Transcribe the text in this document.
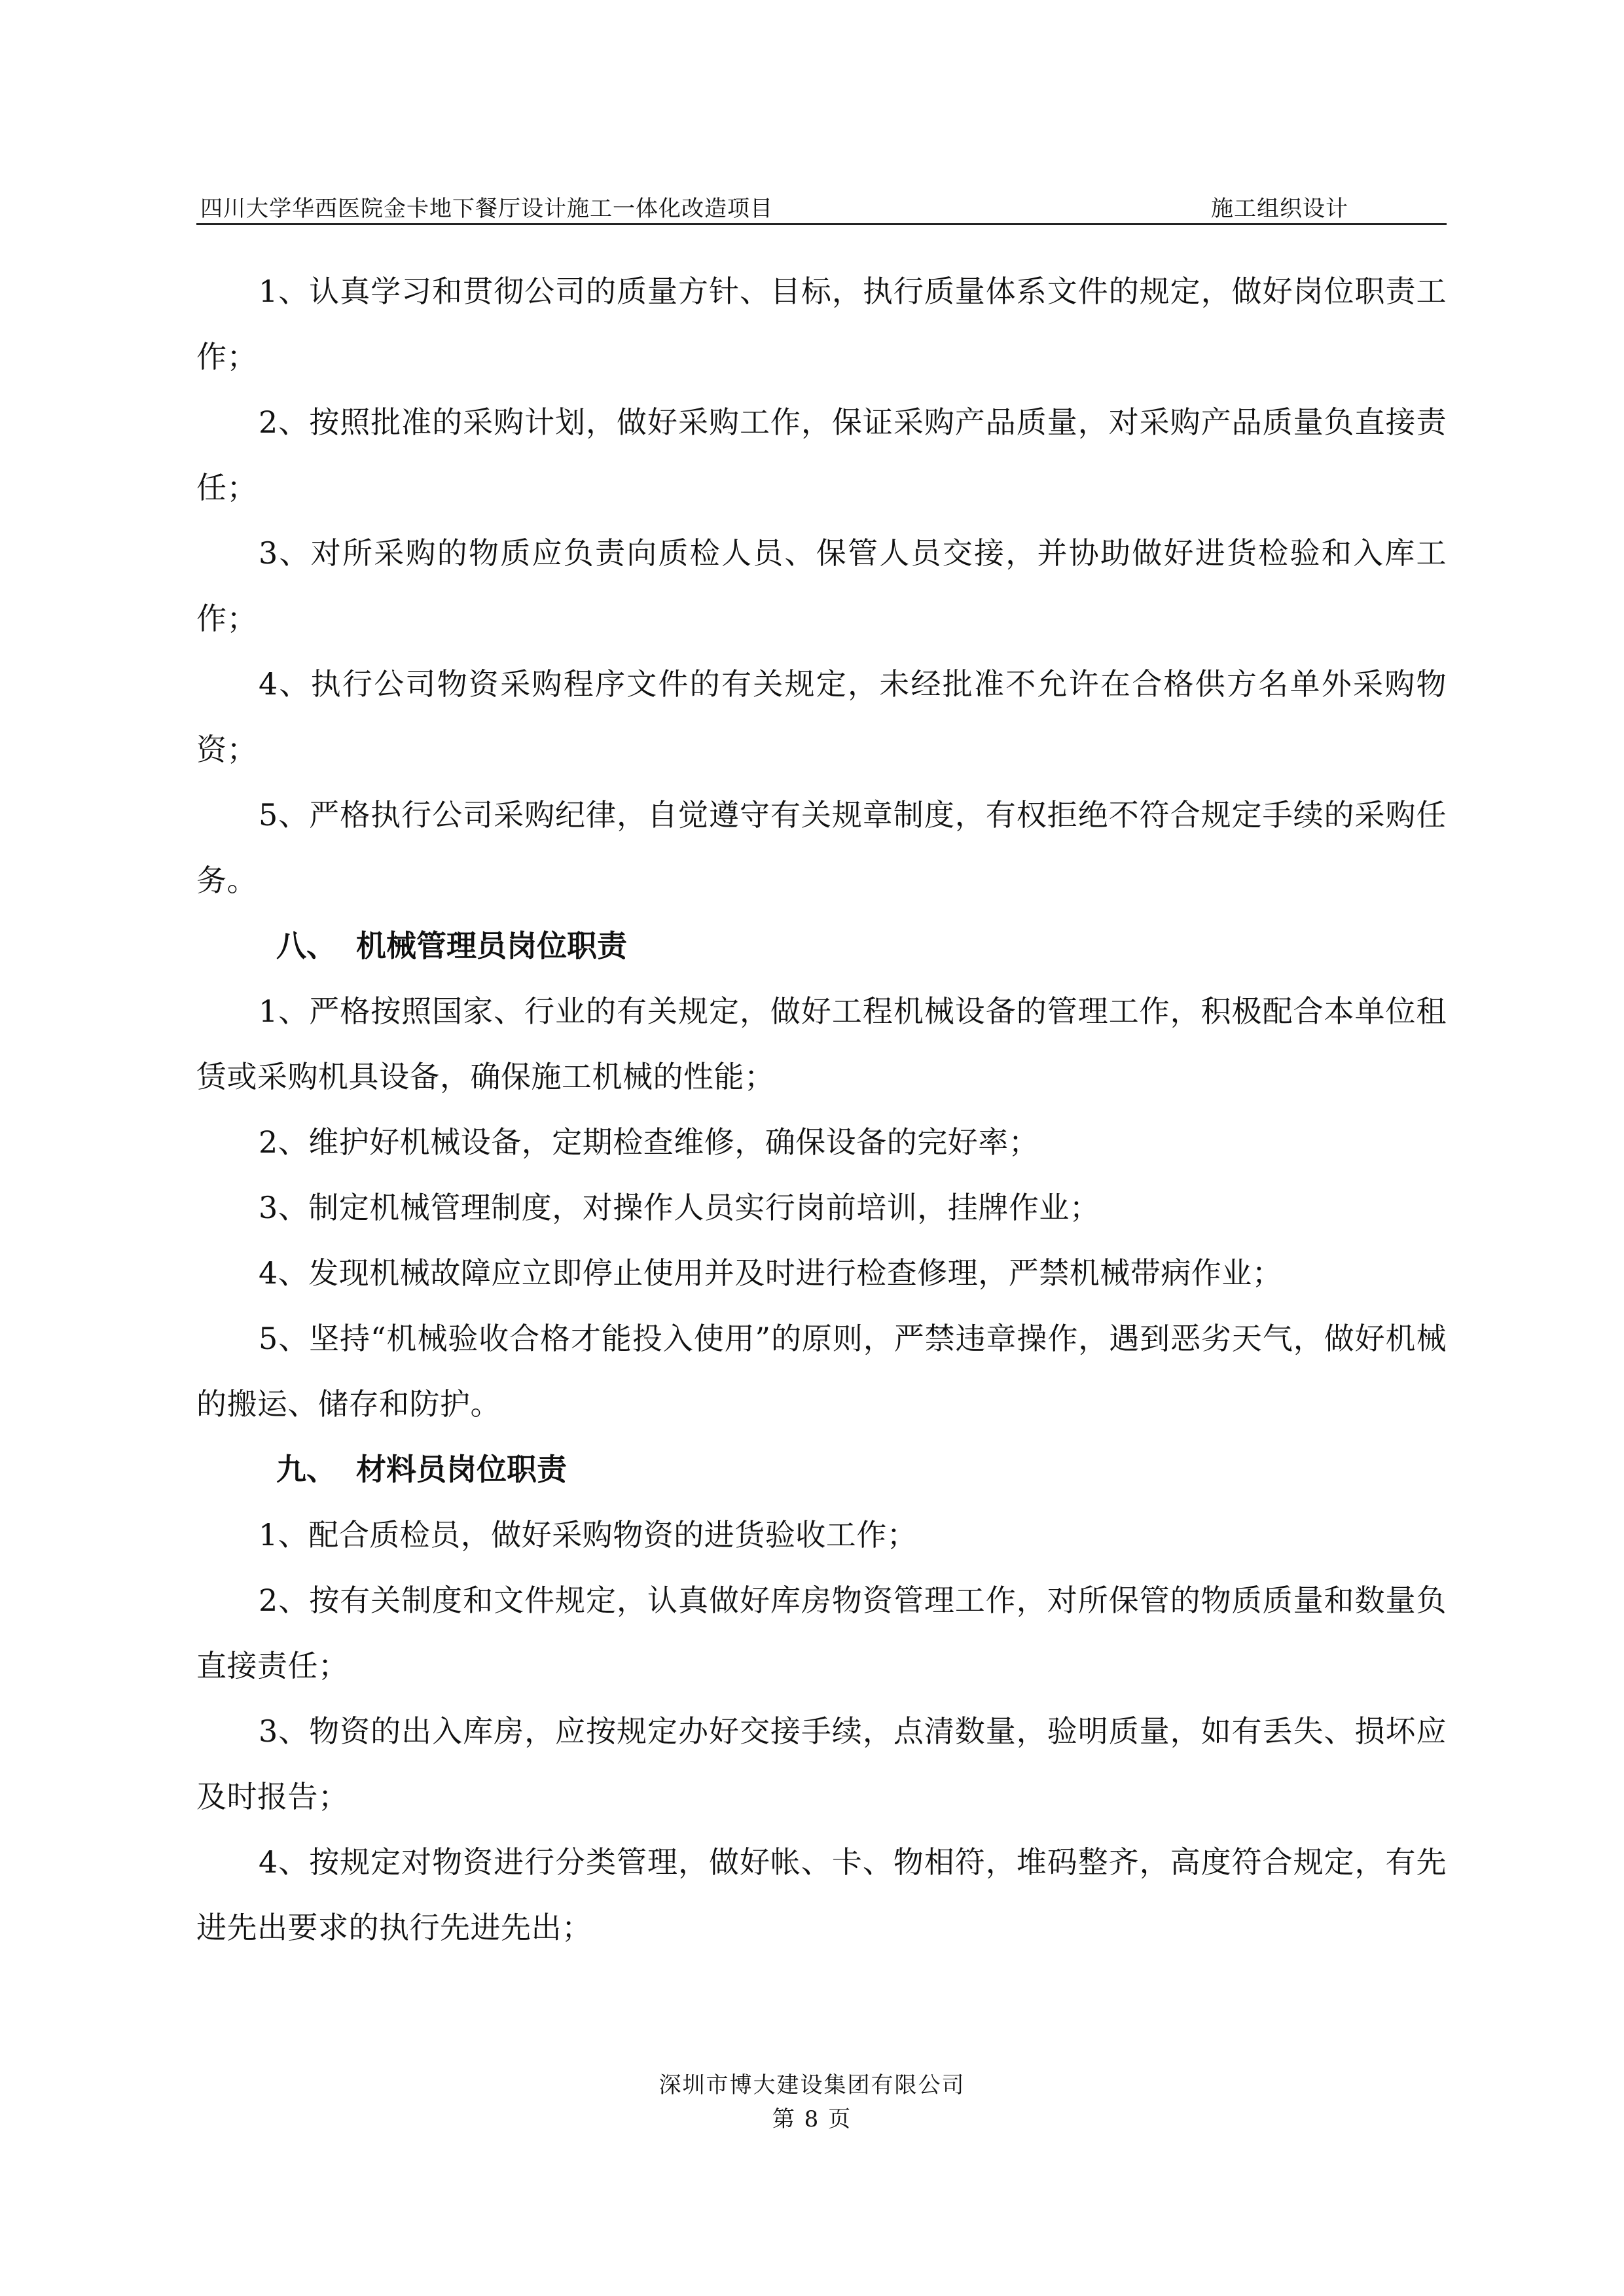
四川大学华西医院金卡地下餐厅设计施工一体化改造项目	施工组织设计

1、认真学习和贯彻公司的质量方针、目标，执行质量体系文件的规定，做好岗位职责工作；

2、按照批准的采购计划，做好采购工作，保证采购产品质量，对采购产品质量负直接责任；

3、对所采购的物质应负责向质检人员、保管人员交接，并协助做好进货检验和入库工作；

4、执行公司物资采购程序文件的有关规定，未经批准不允许在合格供方名单外采购物资；

5、严格执行公司采购纪律，自觉遵守有关规章制度，有权拒绝不符合规定手续的采购任务。

八、 机械管理员岗位职责

1、严格按照国家、行业的有关规定，做好工程机械设备的管理工作，积极配合本单位租赁或采购机具设备，确保施工机械的性能；

2、维护好机械设备，定期检查维修，确保设备的完好率；

3、制定机械管理制度，对操作人员实行岗前培训，挂牌作业；

4、发现机械故障应立即停止使用并及时进行检查修理，严禁机械带病作业；

5、坚持“机械验收合格才能投入使用”的原则，严禁违章操作，遇到恶劣天气，做好机械的搬运、储存和防护。

九、 材料员岗位职责

1、配合质检员，做好采购物资的进货验收工作；

2、按有关制度和文件规定，认真做好库房物资管理工作，对所保管的物质质量和数量负直接责任；

3、物资的出入库房，应按规定办好交接手续，点清数量，验明质量，如有丢失、损坏应及时报告；

4、按规定对物资进行分类管理，做好帐、卡、物相符，堆码整齐，高度符合规定，有先进先出要求的执行先进先出；

深圳市博大建设集团有限公司
第 8 页
